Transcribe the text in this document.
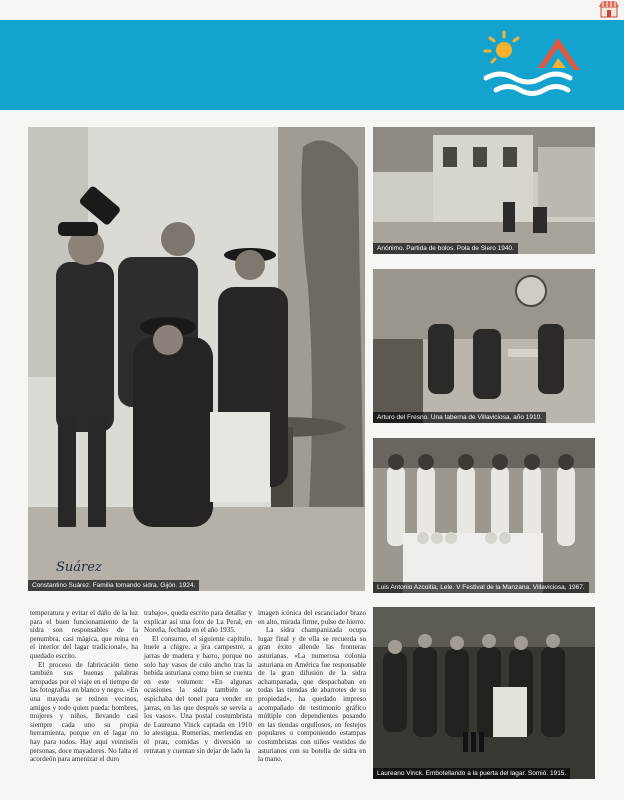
Constantino Suárez. Familia tomando sidra. Gijón. 1924.
Suárez
Anónimo. Partida de bolos. Pola de Siero 1940.
Arturo del Fresno. Una taberna de Villaviciosa, año 1910.
Luis Antonio Azcoitia, Lele. V Festival de la Manzana. Villaviciosa, 1967.
Laureano Vinck. Embotellando a la puerta del lagar. Somió. 1915.

temperatura y evitar el daño de la luz para el buen funcionamiento de la sidra son responsables de la penumbra, casi mágica, que reina en el interior del lagar tradicional», ha quedado escrito.

El proceso de fabricación tiene también sus buenas palabras arropadas por el viaje en el tiempo de las fotografías en blanco y negro. «En una mayada se reúnen vecinos, amigos y todo quien pueda: hombres, mujeres y niños, llevando casi siempre cada uno su propia herramienta, porque en el lagar no hay para todos. Hay aquí veintiséis personas, doce mayadores. No falta el acordeón para amenizar el duro

trabajo», queda escrito para detallar y explicar así una foto de La Peral, en Noreña, fechada en el año 1935.

El consumo, el siguiente capítulo, huele a chigre, a jira campestre, a jarras de madera y barro, porque no solo hay vasos de culo ancho tras la bebida asturiana como bien se cuenta en este volumen: «En algunas ocasiones la sidra también se espichaba del tonel para vender en jarras, en las que después se servía a los vasos». Una postal costumbrista de Laureano Vinck captada en 1910 lo atestigua. Romerías, meriendas en el prau, comidas y diversión se retratan y cuentan sin dejar de lado la

imagen icónica del escanciador brazo en alto, mirada firme, pulso de hierro.

La sidra champanizada ocupa lugar final y de ella se recuerda su gran éxito allende las fronteras asturianas. «La numerosa colonia asturiana en América fue responsable de la gran difusión de la sidra achampanada, que despachaban en todas las tiendas de abarrotes de su propiedad», ha quedado impreso acompañado de testimonio gráfico múltiple con dependientes posando en las tiendas orgullosos, en festejos populares o componiendo estampas costumbristas con niños vestidos de asturianos con su botella de sidra en la mano.
